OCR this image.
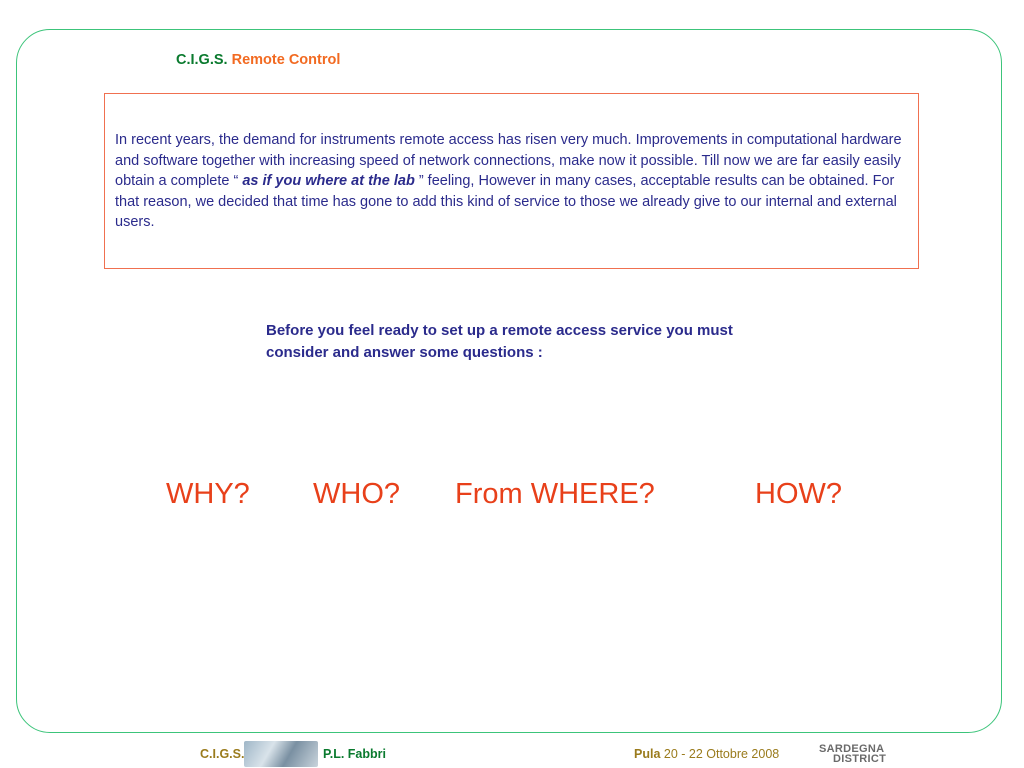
C.I.G.S. Remote Control

In recent years, the demand for instruments remote access has risen very much. Improvements in computational hardware and software together with increasing speed of network connections, make now it possible. Till now we are far easily easily obtain a complete “ as if you where at the lab ” feeling, However in many cases, acceptable results can be obtained. For that reason, we decided that time has gone to add this kind of service to those we already give to our internal and external users.

Before you feel ready to set up a remote access service you must consider and answer some questions :

WHY? WHO? From WHERE?	HOW?
C.I.G.S.	P.L. Fabbri	Pula 20 - 22 Ottobre 2008	SARDEGNA
DISTRICT
